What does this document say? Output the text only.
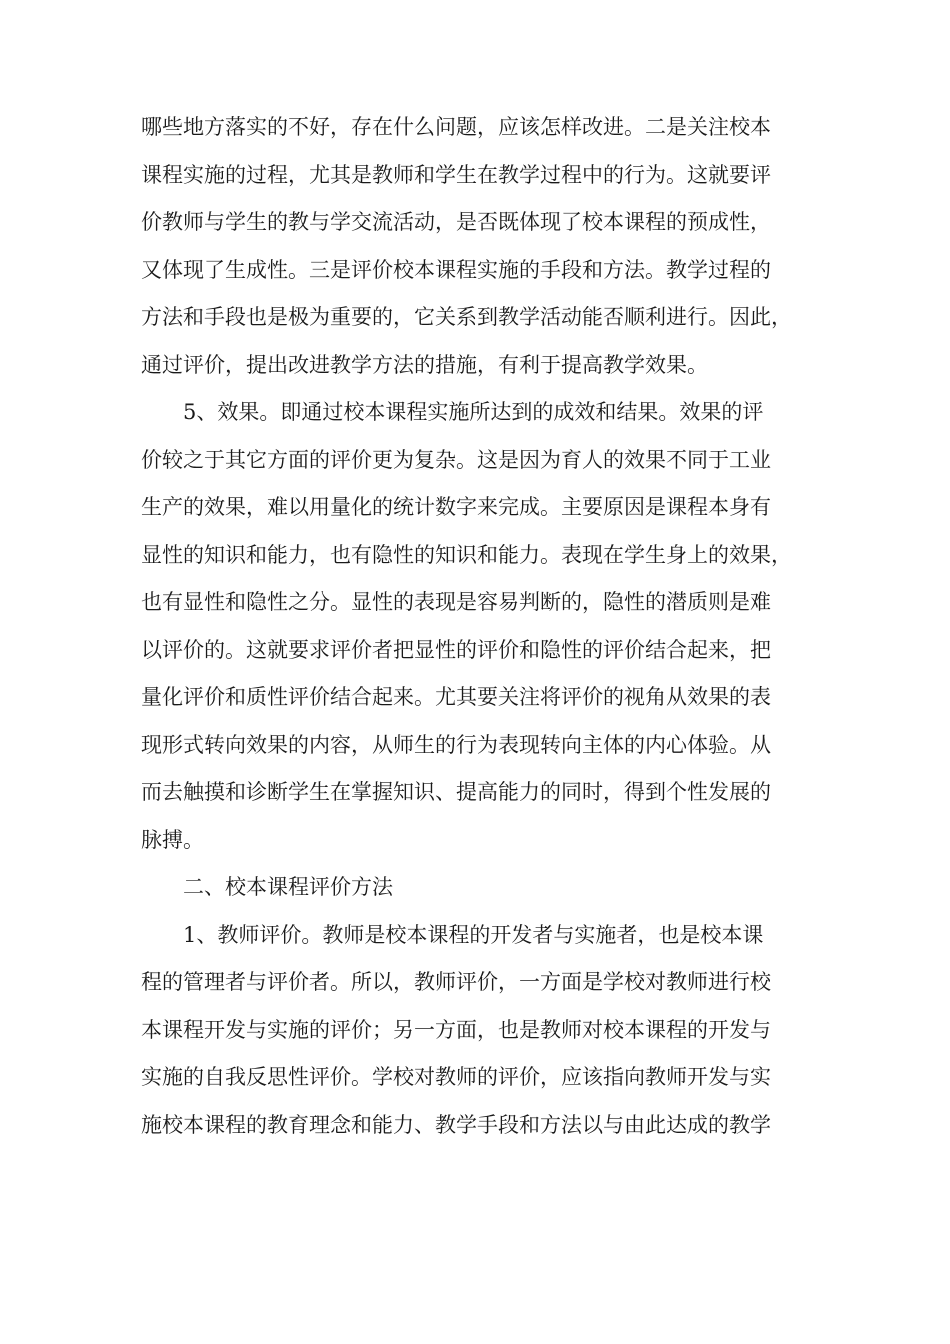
哪些地方落实的不好，存在什么问题，应该怎样改进。二是关注校本
课程实施的过程，尤其是教师和学生在教学过程中的行为。这就要评
价教师与学生的教与学交流活动，是否既体现了校本课程的预成性，
又体现了生成性。三是评价校本课程实施的手段和方法。教学过程的
方法和手段也是极为重要的，它关系到教学活动能否顺利进行。因此，
通过评价，提出改进教学方法的措施，有利于提高教学效果。
5、效果。即通过校本课程实施所达到的成效和结果。效果的评
价较之于其它方面的评价更为复杂。这是因为育人的效果不同于工业
生产的效果，难以用量化的统计数字来完成。主要原因是课程本身有
显性的知识和能力，也有隐性的知识和能力。表现在学生身上的效果，
也有显性和隐性之分。显性的表现是容易判断的，隐性的潜质则是难
以评价的。这就要求评价者把显性的评价和隐性的评价结合起来，把
量化评价和质性评价结合起来。尤其要关注将评价的视角从效果的表
现形式转向效果的内容，从师生的行为表现转向主体的内心体验。从
而去触摸和诊断学生在掌握知识、提高能力的同时，得到个性发展的
脉搏。
二、校本课程评价方法
1、教师评价。教师是校本课程的开发者与实施者，也是校本课
程的管理者与评价者。所以，教师评价，一方面是学校对教师进行校
本课程开发与实施的评价；另一方面，也是教师对校本课程的开发与
实施的自我反思性评价。学校对教师的评价，应该指向教师开发与实
施校本课程的教育理念和能力、教学手段和方法以与由此达成的教学
